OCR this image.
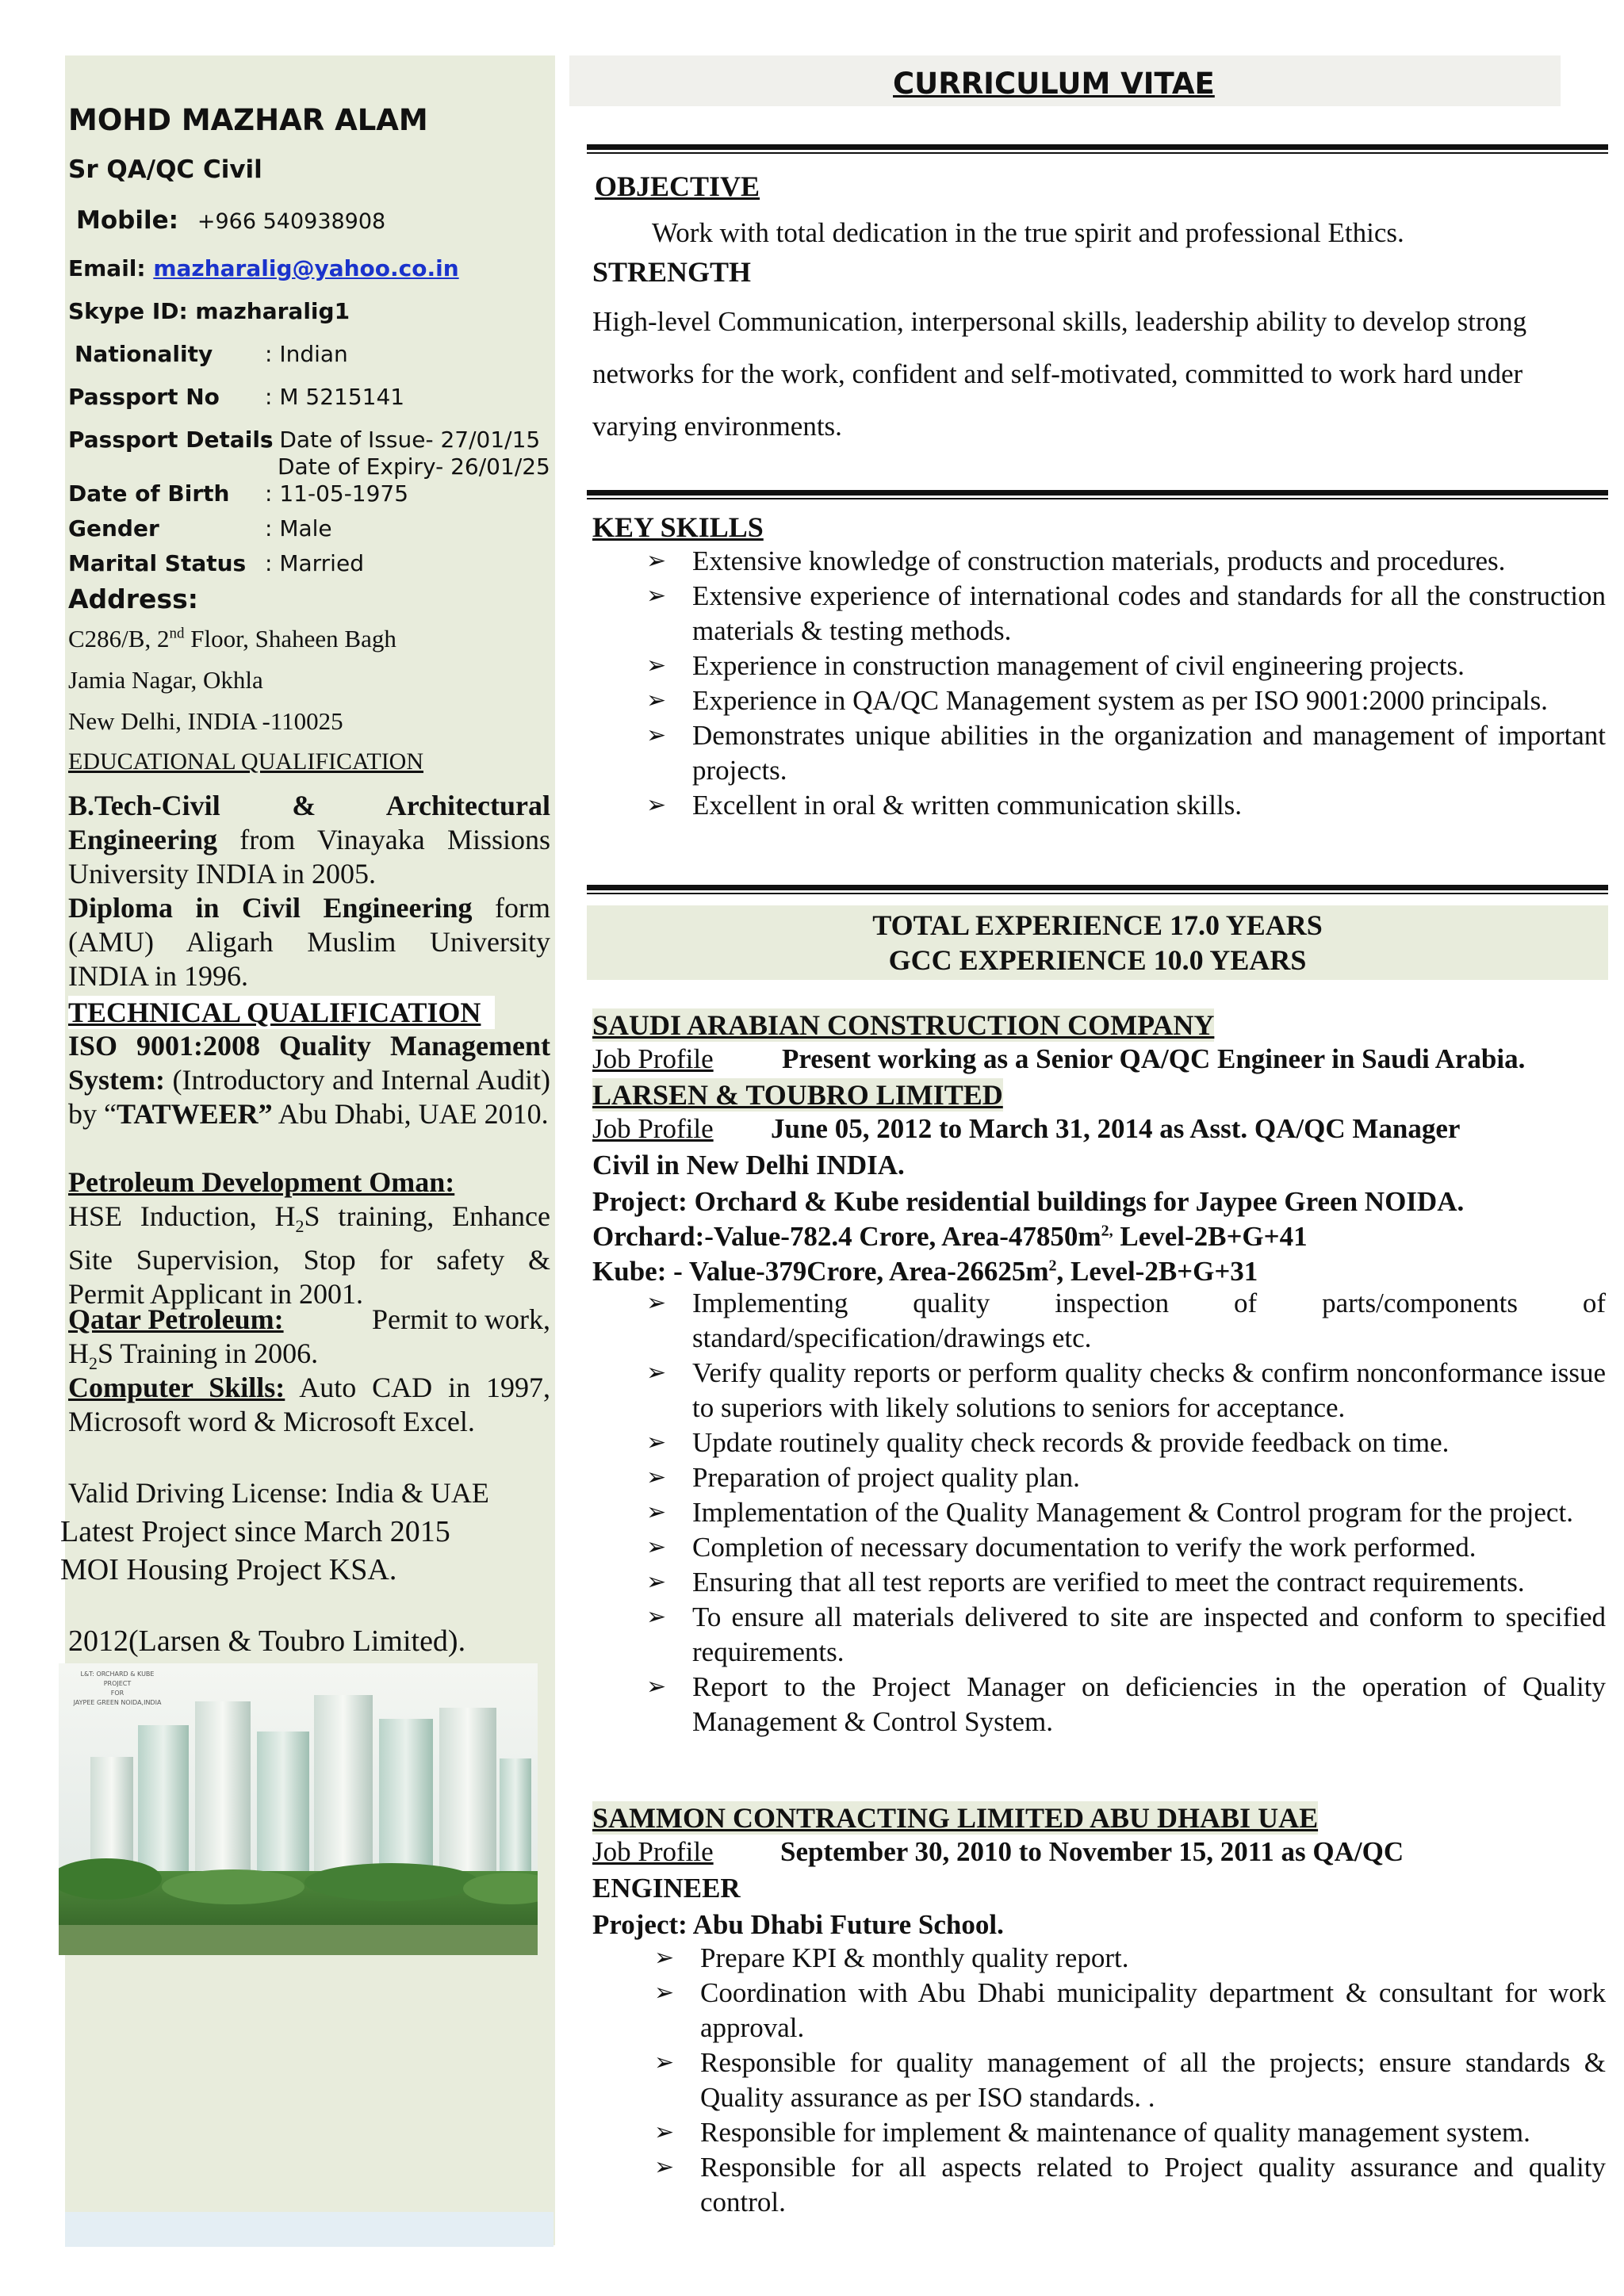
CURRICULUM VITAE
MOHD MAZHAR ALAM
Sr QA/QC Civil
Mobile: +966 540938908
Email: mazharalig@yahoo.co.in
Skype ID: mazharalig1
Nationality : Indian
Passport No : M 5215141
Passport Details
: Date of Issue- 27/01/15
Date of Expiry- 26/01/25
Date of Birth : 11-05-1975
Gender	: Male
Marital Status : Married
Address:
C286/B, 2nd Floor, Shaheen Bagh
Jamia Nagar, Okhla
New Delhi, INDIA -110025
EDUCATIONAL QUALIFICATION
B.Tech-Civil & Architectural Engineering from Vinayaka Missions University INDIA in 2005.
Diploma in Civil Engineering form (AMU) Aligarh Muslim University INDIA in 1996.
TECHNICAL QUALIFICATION
ISO 9001:2008 Quality Management System: (Introductory and Internal Audit) by “TATWEER” Abu Dhabi, UAE 2010.
Petroleum Development Oman:
HSE Induction, $H_2S$ training, Enhance Site Supervision, Stop for safety & Permit Applicant in 2001.
Qatar Petroleum:	Permit to work,
$H_2S$ Training in 2006.
Computer Skills: Auto CAD in 1997, Microsoft word & Microsoft Excel.
Valid Driving License: India & UAE
Latest Project since March 2015
MOI Housing Project KSA.
2012(Larsen & Toubro Limited).
L&T: ORCHARD & KUBE PROJECT
FOR
JAYPEE GREEN NOIDA,INDIA
OBJECTIVE
Work with total dedication in the true spirit and professional Ethics.
STRENGTH
High-level Communication, interpersonal skills, leadership ability to develop strong
networks for the work, confident and self-motivated, committed to work hard under
varying environments.
KEY SKILLS
➢ Extensive knowledge of construction materials, products and procedures.
➢ Extensive experience of international codes and standards for all the construction materials & testing methods.
➢ Experience in construction management of civil engineering projects.
➢ Experience in QA/QC Management system as per ISO 9001:2000 principals.
➢ Demonstrates unique abilities in the organization and management of important projects.
➢ Excellent in oral & written communication skills.
TOTAL EXPERIENCE 17.0 YEARS
GCC EXPERIENCE 10.0 YEARS
SAUDI ARABIAN CONSTRUCTION COMPANY
Job Profile Present working as a Senior QA/QC Engineer in Saudi Arabia.
LARSEN & TOUBRO LIMITED
Job Profile June 05, 2012 to March 31, 2014 as Asst. QA/QC Manager
Civil in New Delhi INDIA.
Project: Orchard & Kube residential buildings for Jaypee Green NOIDA.
Orchard:-Value-782.4 Crore, Area-$47850m^{2,}$ Level-2B+G+41
Kube: - Value-379Crore, Area-$26625m^2$, Level-2B+G+31
➢ Implementing quality inspection of parts/components of standard/specification/drawings etc.
➢ Verify quality reports or perform quality checks & confirm nonconformance issue to superiors with likely solutions to seniors for acceptance.
➢ Update routinely quality check records & provide feedback on time.
➢ Preparation of project quality plan.
➢ Implementation of the Quality Management & Control program for the project.
➢ Completion of necessary documentation to verify the work performed.
➢ Ensuring that all test reports are verified to meet the contract requirements.
➢ To ensure all materials delivered to site are inspected and conform to specified requirements.
➢ Report to the Project Manager on deficiencies in the operation of Quality Management & Control System.
SAMMON CONTRACTING LIMITED ABU DHABI UAE
Job Profile September 30, 2010 to November 15, 2011 as QA/QC
ENGINEER
Project: Abu Dhabi Future School.
➢ Prepare KPI & monthly quality report.
➢ Coordination with Abu Dhabi municipality department & consultant for work approval.
➢ Responsible for quality management of all the projects; ensure standards & Quality assurance as per ISO standards. .
➢ Responsible for implement & maintenance of quality management system.
➢ Responsible for all aspects related to Project quality assurance and quality control.
